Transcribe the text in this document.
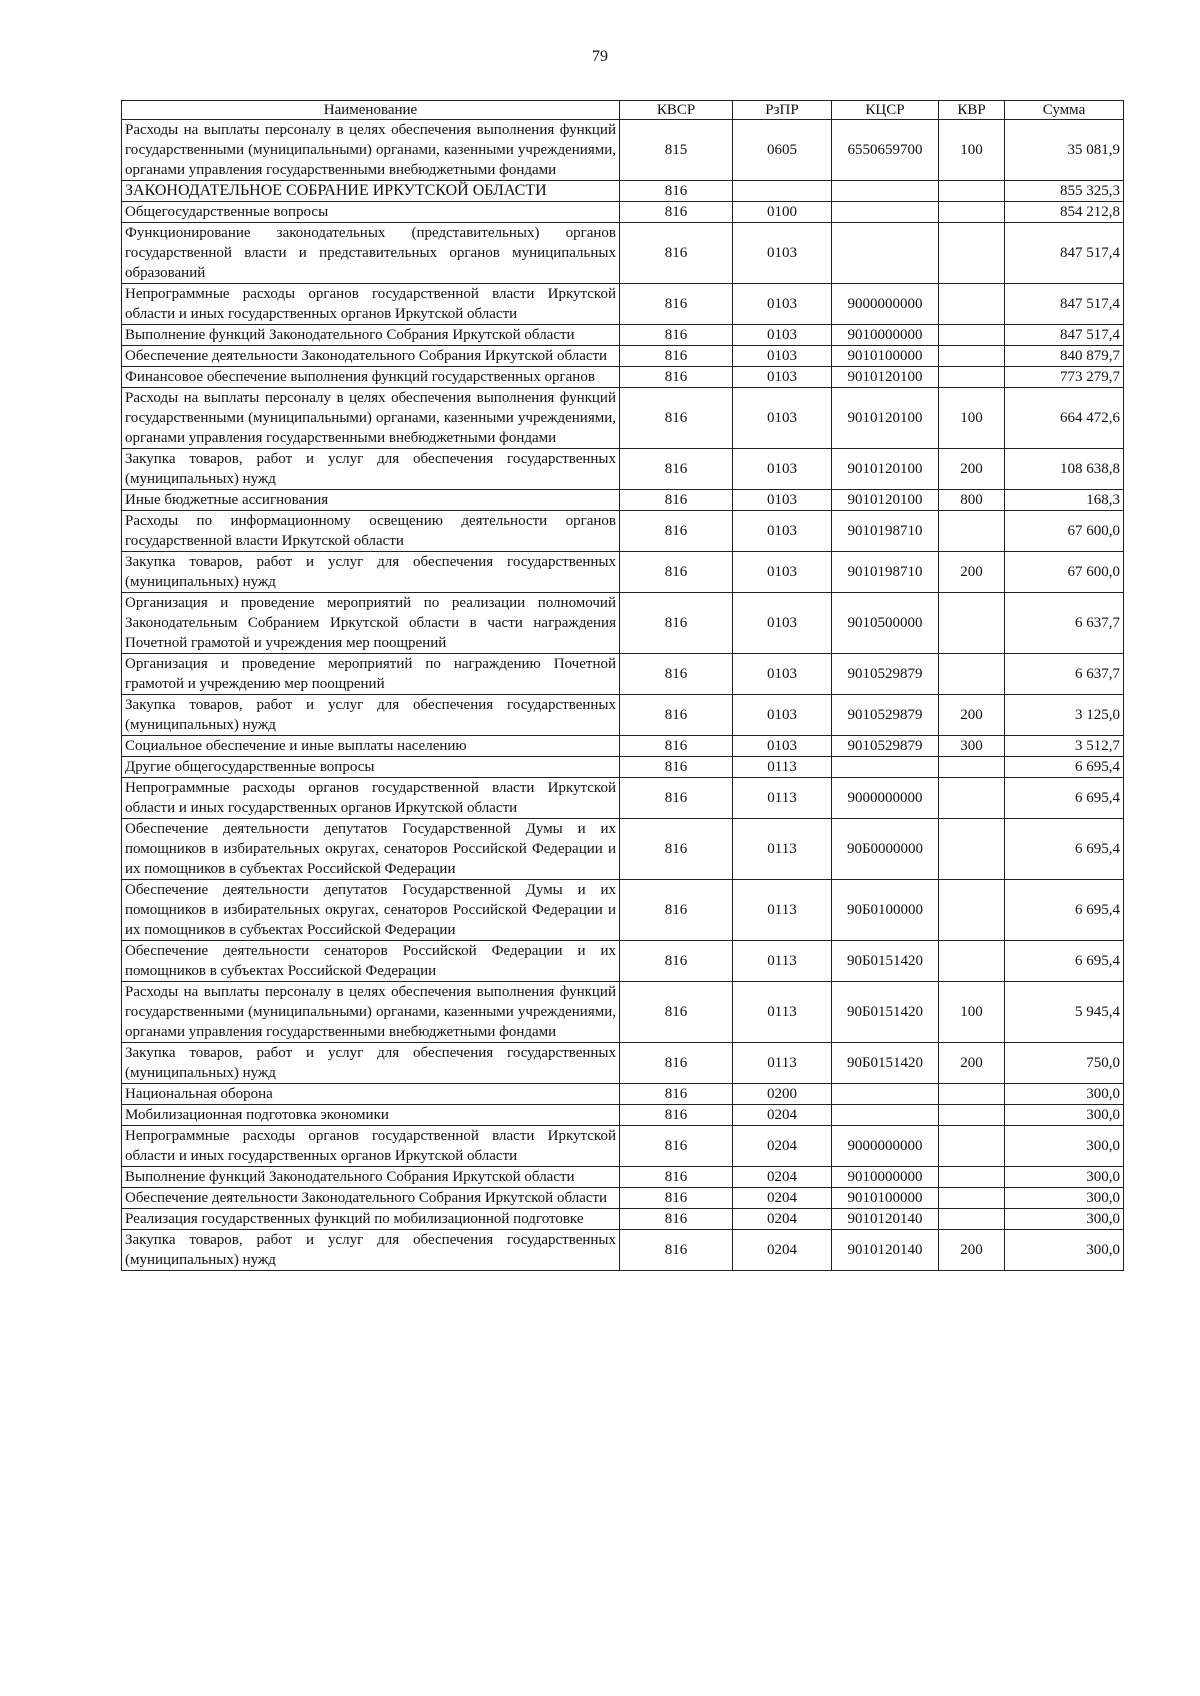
79
Наименование	КВСР	РзПР	КЦСР	КВР	Сумма
Расходы на выплаты персоналу в целях обеспечения выполнения функций государственными (муниципальными) органами, казенными учреждениями, органами управления государственными внебюджетными фондами	815	0605	6550659700	100	35 081,9
ЗАКОНОДАТЕЛЬНОЕ СОБРАНИЕ ИРКУТСКОЙ ОБЛАСТИ	816				855 325,3
Общегосударственные вопросы	816	0100			854 212,8
Функционирование законодательных (представительных) органов государственной власти и представительных органов муниципальных образований	816	0103			847 517,4
Непрограммные расходы органов государственной власти Иркутской области и иных государственных органов Иркутской области	816	0103	9000000000		847 517,4
Выполнение функций Законодательного Собрания Иркутской области	816	0103	9010000000		847 517,4
Обеспечение деятельности Законодательного Собрания Иркутской области	816	0103	9010100000		840 879,7
Финансовое обеспечение выполнения функций государственных органов	816	0103	9010120100		773 279,7
Расходы на выплаты персоналу в целях обеспечения выполнения функций государственными (муниципальными) органами, казенными учреждениями, органами управления государственными внебюджетными фондами	816	0103	9010120100	100	664 472,6
Закупка товаров, работ и услуг для обеспечения государственных (муниципальных) нужд	816	0103	9010120100	200	108 638,8
Иные бюджетные ассигнования	816	0103	9010120100	800	168,3
Расходы по информационному освещению деятельности органов государственной власти Иркутской области	816	0103	9010198710		67 600,0
Закупка товаров, работ и услуг для обеспечения государственных (муниципальных) нужд	816	0103	9010198710	200	67 600,0
Организация и проведение мероприятий по реализации полномочий Законодательным Собранием Иркутской области в части награждения Почетной грамотой и учреждения мер поощрений	816	0103	9010500000		6 637,7
Организация и проведение мероприятий по награждению Почетной грамотой и учреждению мер поощрений	816	0103	9010529879		6 637,7
Закупка товаров, работ и услуг для обеспечения государственных (муниципальных) нужд	816	0103	9010529879	200	3 125,0
Социальное обеспечение и иные выплаты населению	816	0103	9010529879	300	3 512,7
Другие общегосударственные вопросы	816	0113			6 695,4
Непрограммные расходы органов государственной власти Иркутской области и иных государственных органов Иркутской области	816	0113	9000000000		6 695,4
Обеспечение деятельности депутатов Государственной Думы и их помощников в избирательных округах, сенаторов Российской Федерации и их помощников в субъектах Российской Федерации	816	0113	90Б0000000		6 695,4
Обеспечение деятельности депутатов Государственной Думы и их помощников в избирательных округах, сенаторов Российской Федерации и их помощников в субъектах Российской Федерации	816	0113	90Б0100000		6 695,4
Обеспечение деятельности сенаторов Российской Федерации и их помощников в субъектах Российской Федерации	816	0113	90Б0151420		6 695,4
Расходы на выплаты персоналу в целях обеспечения выполнения функций государственными (муниципальными) органами, казенными учреждениями, органами управления государственными внебюджетными фондами	816	0113	90Б0151420	100	5 945,4
Закупка товаров, работ и услуг для обеспечения государственных (муниципальных) нужд	816	0113	90Б0151420	200	750,0
Национальная оборона	816	0200			300,0
Мобилизационная подготовка экономики	816	0204			300,0
Непрограммные расходы органов государственной власти Иркутской области и иных государственных органов Иркутской области	816	0204	9000000000		300,0
Выполнение функций Законодательного Собрания Иркутской области	816	0204	9010000000		300,0
Обеспечение деятельности Законодательного Собрания Иркутской области	816	0204	9010100000		300,0
Реализация государственных функций по мобилизационной подготовке	816	0204	9010120140		300,0
Закупка товаров, работ и услуг для обеспечения государственных (муниципальных) нужд	816	0204	9010120140	200	300,0
